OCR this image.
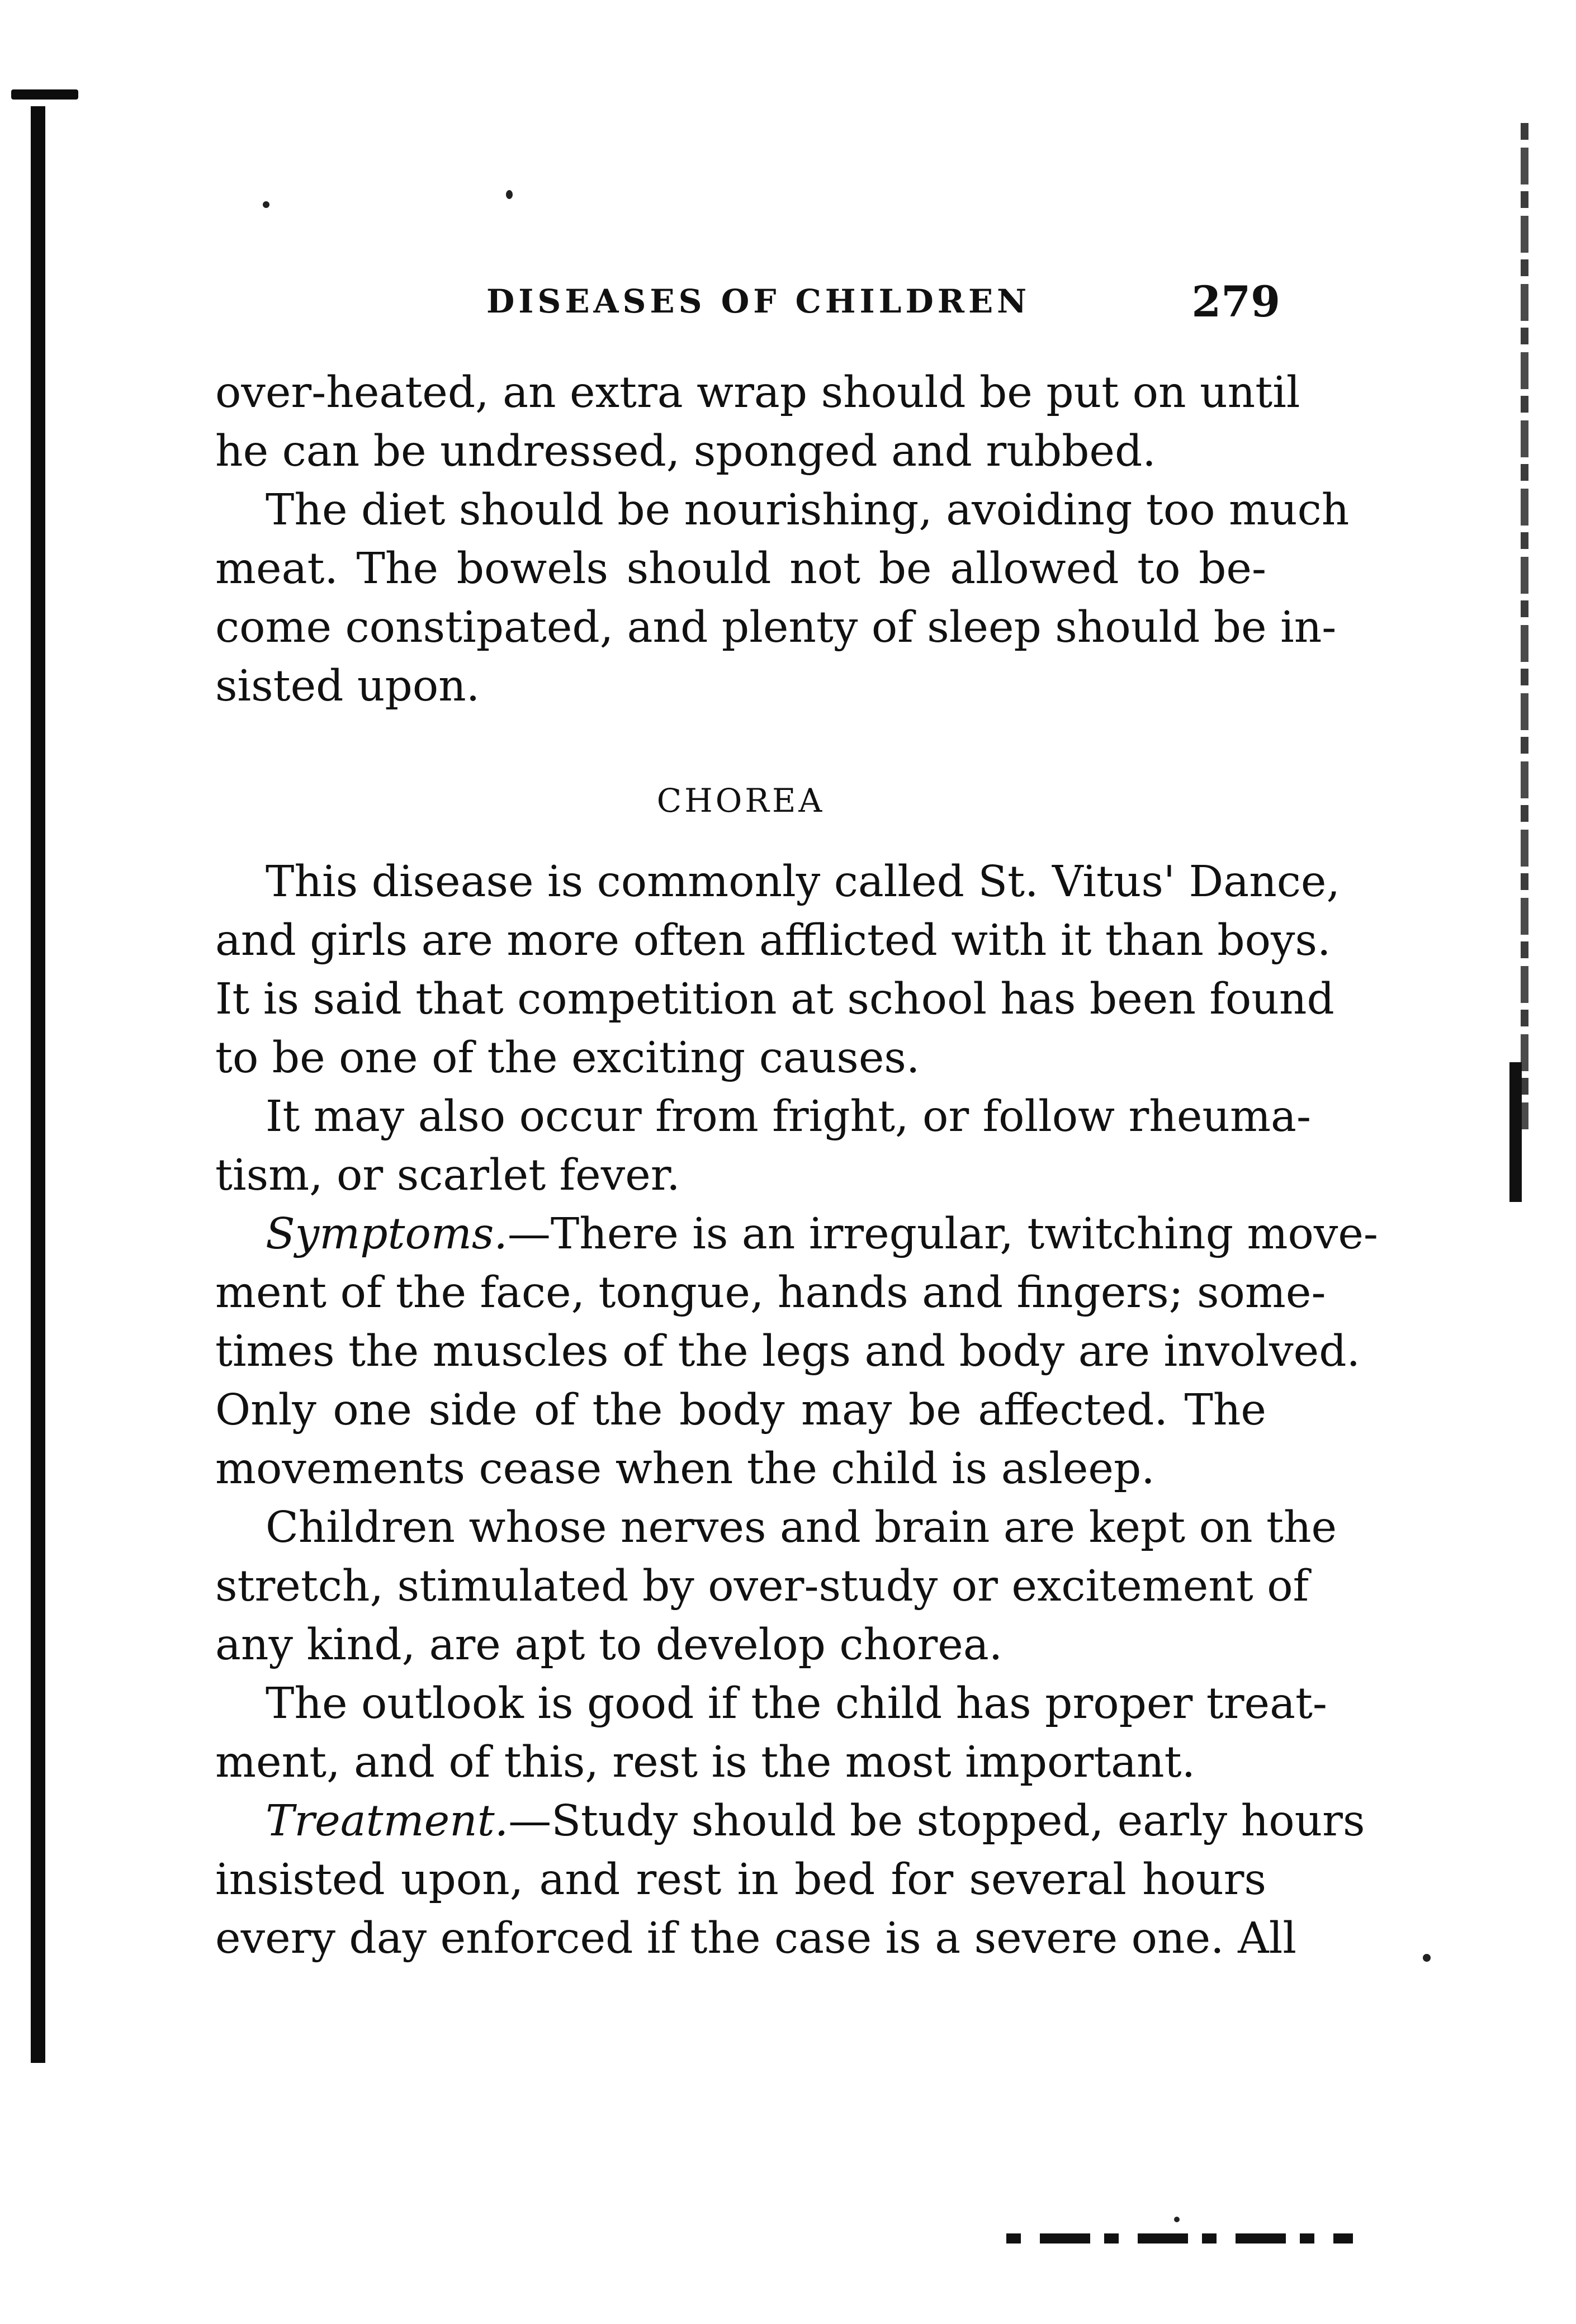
DISEASES OF CHILDREN	279
over-heated, an extra wrap should be put on until
he can be undressed, sponged and rubbed.
The diet should be nourishing, avoiding too much
meat. The bowels should not be allowed to be-
come constipated, and plenty of sleep should be in-
sisted upon.
CHOREA
This disease is commonly called St. Vitus' Dance,
and girls are more often afflicted with it than boys.
It is said that competition at school has been found
to be one of the exciting causes.
It may also occur from fright, or follow rheuma-
tism, or scarlet fever.
Symptoms.—There is an irregular, twitching move-
ment of the face, tongue, hands and fingers; some-
times the muscles of the legs and body are involved.
Only one side of the body may be affected. The
movements cease when the child is asleep.
Children whose nerves and brain are kept on the
stretch, stimulated by over-study or excitement of
any kind, are apt to develop chorea.
The outlook is good if the child has proper treat-
ment, and of this, rest is the most important.
Treatment.—Study should be stopped, early hours
insisted upon, and rest in bed for several hours
every day enforced if the case is a severe one. All
